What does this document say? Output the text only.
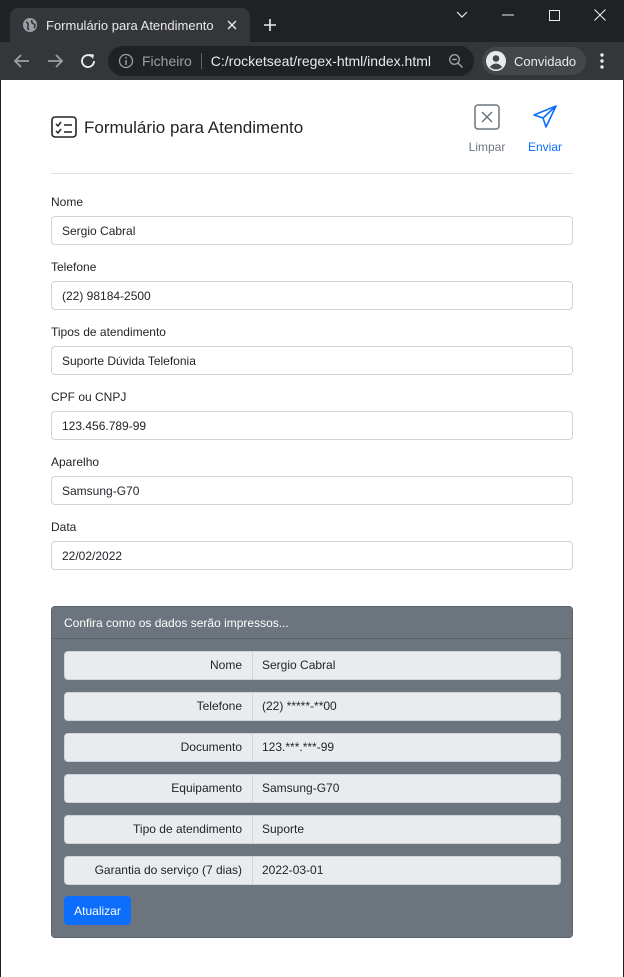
Formulário para Atendimento
Ficheiro C:/rocketseat/regex-html/index.html	Convidado
Formulário para Atendimento
Limpar	Enviar
Nome
Sergio Cabral
Telefone
(22) 98184-2500
Tipos de atendimento
Suporte Dúvida Telefonia
CPF ou CNPJ
123.456.789-99
Aparelho
Samsung-G70
Data
22/02/2022
Confira como os dados serão impressos...
Nome	Sergio Cabral
Telefone	(22) *****-**00
Documento	123.***.***-99
Equipamento	Samsung-G70
Tipo de atendimento	Suporte
Garantia do serviço (7 dias)	2022-03-01
Atualizar
